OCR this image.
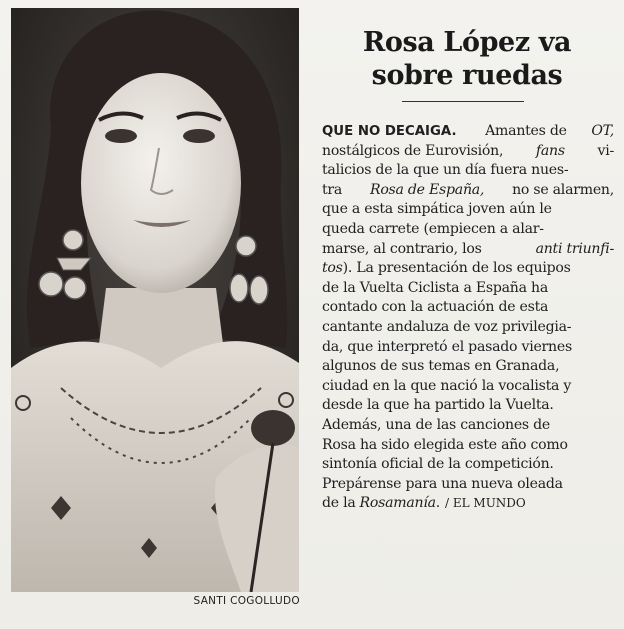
SANTI COGOLLUDO
Rosa López va
sobre ruedas
QUE NO DECAIGA. Amantes de OT,
nostálgicos de Eurovisión, fans vi-
talicios de la que un día fuera nues-
tra Rosa de España, no se alarmen,
que a esta simpática joven aún le
queda carrete (empiecen a alar-
marse, al contrario, los	anti triunfi-
tos). La presentación de los equipos
de la Vuelta Ciclista a España ha
contado con la actuación de esta
cantante andaluza de voz privilegia-
da, que interpretó el pasado viernes
algunos de sus temas en Granada,
ciudad en la que nació la vocalista y
desde la que ha partido la Vuelta.
Además, una de las canciones de
Rosa ha sido elegida este año como
sintonía oficial de la competición.
Prepárense para una nueva oleada
de la Rosamanía. / EL MUNDO
